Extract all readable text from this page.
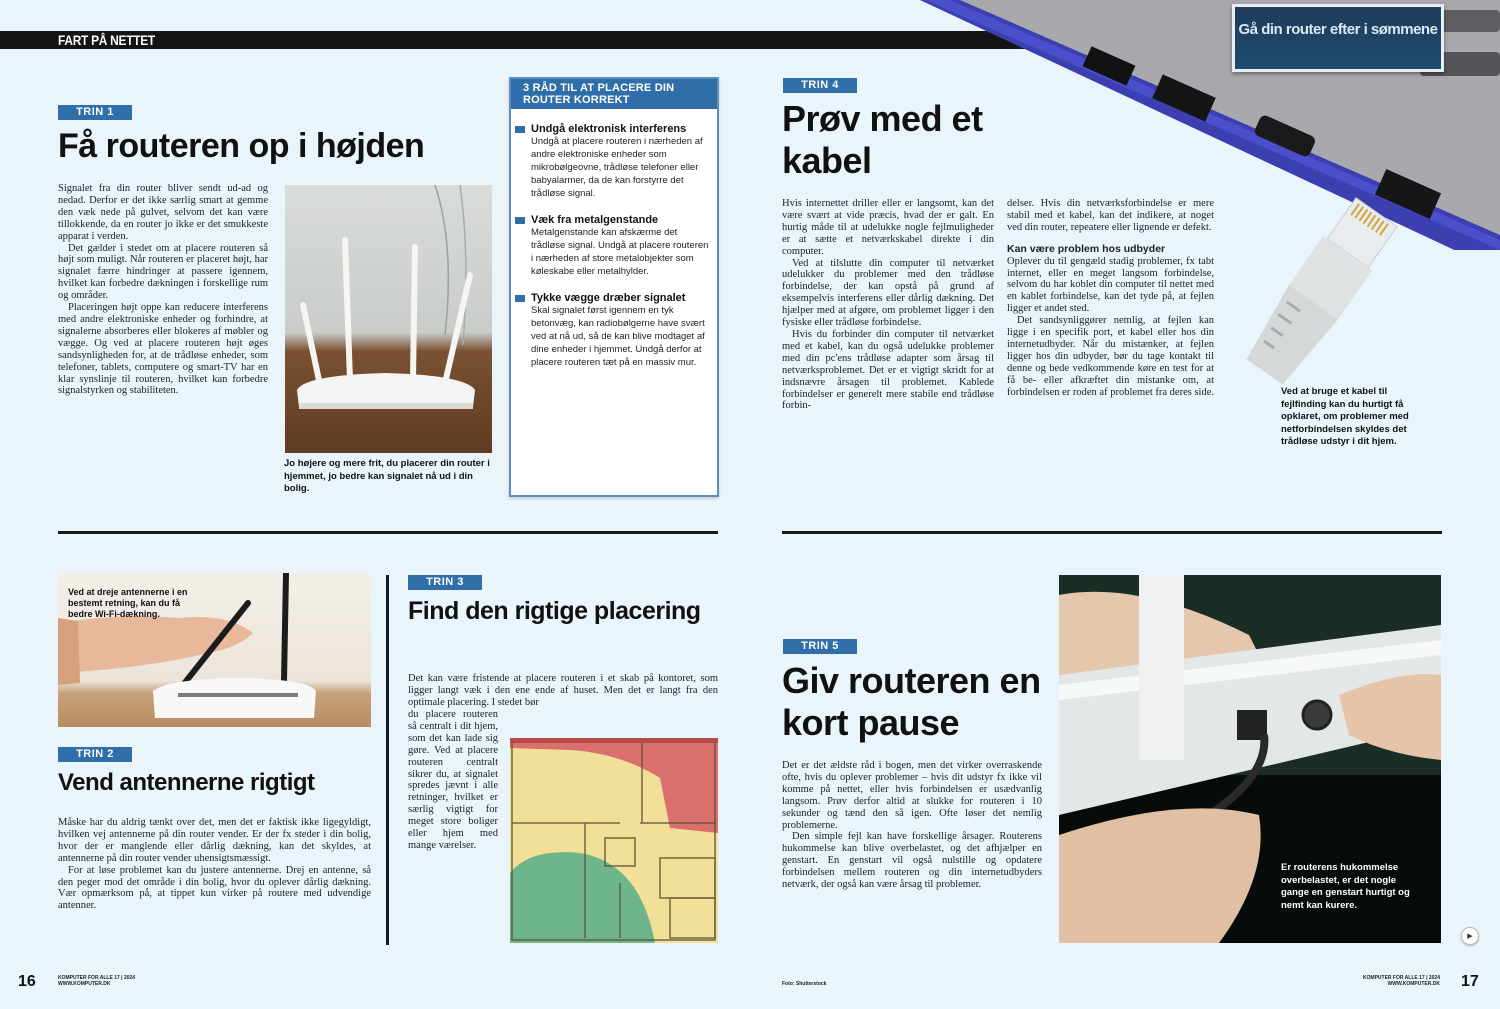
FART PÅ NETTET
Gå din router efter i sømmene
TRIN 1
Få routeren op i højden

Signalet fra din router bliver sendt ud-ad og nedad. Derfor er det ikke særlig smart at gemme den væk nede på gulvet, selvom det kan være tillokkende, da en router jo ikke er det smukkeste apparat i verden.

Det gælder i stedet om at placere routeren så højt som muligt. Når routeren er placeret højt, har signalet færre hindringer at passere igennem, hvilket kan forbedre dækningen i forskellige rum og områder.

Placeringen højt oppe kan reducere interferens med andre elektroniske enheder og forhindre, at signalerne absorberes eller blokeres af møbler og vægge. Og ved at placere routeren højt øges sandsynligheden for, at de trådløse enheder, som telefoner, tablets, computere og smart-TV har en klar synslinje til routeren, hvilket kan forbedre signalstyrken og stabiliteten.

Jo højere og mere frit, du placerer din router i hjemmet, jo bedre kan signalet nå ud i din bolig.
3 RÅD TIL AT PLACERE DIN ROUTER KORREKT
Undgå elektronisk interferens
Undgå at placere routeren i nærheden af andre elektroniske enheder som mikrobølgeovne, trådløse telefoner eller babyalarmer, da de kan forstyrre det trådløse signal.
Væk fra metalgenstande
Metalgenstande kan afskærme det trådløse signal. Undgå at placere routeren i nærheden af store metalobjekter som køleskabe eller metalhylder.
Tykke vægge dræber signalet
Skal signalet først igennem en tyk betonvæg, kan radiobølgerne have svært ved at nå ud, så de kan blive modtaget af dine enheder i hjemmet. Undgå derfor at placere routeren tæt på en massiv mur.
Ved at dreje antennerne i en bestemt retning, kan du få bedre Wi-Fi-dækning.
TRIN 2
Vend antennerne rigtigt

Måske har du aldrig tænkt over det, men det er faktisk ikke ligegyldigt, hvilken vej antennerne på din router vender. Er der fx steder i din bolig, hvor der er manglende eller dårlig dækning, kan det skyldes, at antennerne på din router vender uhensigtsmæssigt.

For at løse problemet kan du justere antennerne. Drej en antenne, så den peger mod det område i din bolig, hvor du oplever dårlig dækning. Vær opmærksom på, at tippet kun virker på routere med udvendige antenner.

TRIN 3
Find den rigtige placering
Det kan være fristende at placere routeren i et skab på kontoret, som ligger langt væk i den ene ende af huset. Men det er langt fra den optimale placering. I stedet bør
du placere routeren så centralt i dit hjem, som det kan lade sig gøre. Ved at placere routeren centralt sikrer du, at signalet spredes jævnt i alle retninger, hvilket er særlig vigtigt for meget store boliger eller hjem med mange værelser.
TRIN 4
Prøv med et kabel

Hvis internettet driller eller er langsomt, kan det være svært at vide præcis, hvad der er galt. En hurtig måde til at udelukke nogle fejlmuligheder er at sætte et netværkskabel direkte i din computer.

Ved at tilslutte din computer til netværket udelukker du problemer med den trådløse forbindelse, der kan opstå på grund af eksempelvis interferens eller dårlig dækning. Det hjælper med at afgøre, om problemet ligger i den fysiske eller trådløse forbindelse.

Hvis du forbinder din computer til netværket med et kabel, kan du også udelukke problemer med din pc'ens trådløse adapter som årsag til netværksproblemet. Det er et vigtigt skridt for at indsnævre årsagen til problemet. Kablede forbindelser er generelt mere stabile end trådløse forbin-

delser. Hvis din netværksforbindelse er mere stabil med et kabel, kan det indikere, at noget ved din router, repeatere eller lignende er defekt.

Kan være problem hos udbyder

Oplever du til gengæld stadig problemer, fx tabt internet, eller en meget langsom forbindelse, selvom du har koblet din computer til nettet med en kablet forbindelse, kan det tyde på, at fejlen ligger et andet sted.

Det sandsynliggører nemlig, at fejlen kan ligge i en specifik port, et kabel eller hos din internetudbyder. Når du mistænker, at fejlen ligger hos din udbyder, bør du tage kontakt til denne og bede vedkommende køre en test for at få be- eller afkræftet din mistanke om, at forbindelsen er roden af problemet fra deres side.	Ved at bruge et kabel til fejlfinding kan du hurtigt få opklaret, om problemer med netforbindelsen skyldes det trådløse udstyr i dit hjem.
TRIN 5
Giv routeren en kort pause

Det er det ældste råd i bogen, men det virker overraskende ofte, hvis du oplever problemer – hvis dit udstyr fx ikke vil komme på nettet, eller hvis forbindelsen er usædvanlig langsom. Prøv derfor altid at slukke for routeren i 10 sekunder og tænd den så igen. Ofte løser det nemlig problemerne.

Den simple fejl kan have forskellige årsager. Routerens hukommelse kan blive overbelastet, og det afhjælper en genstart. En genstart vil også nulstille og opdatere forbindelsen mellem routeren og din internetudbyders netværk, der også kan være årsag til problemer.

Er routerens hukommelse overbelastet, er det nogle gange en genstart hurtigt og nemt kan kurere.
16	KOMPUTER FOR ALLE 17 | 2024
WWW.KOMPUTER.DK	Foto: Shutterstock
KOMPUTER FOR ALLE 17 | 2024
WWW.KOMPUTER.DK 17
▶
